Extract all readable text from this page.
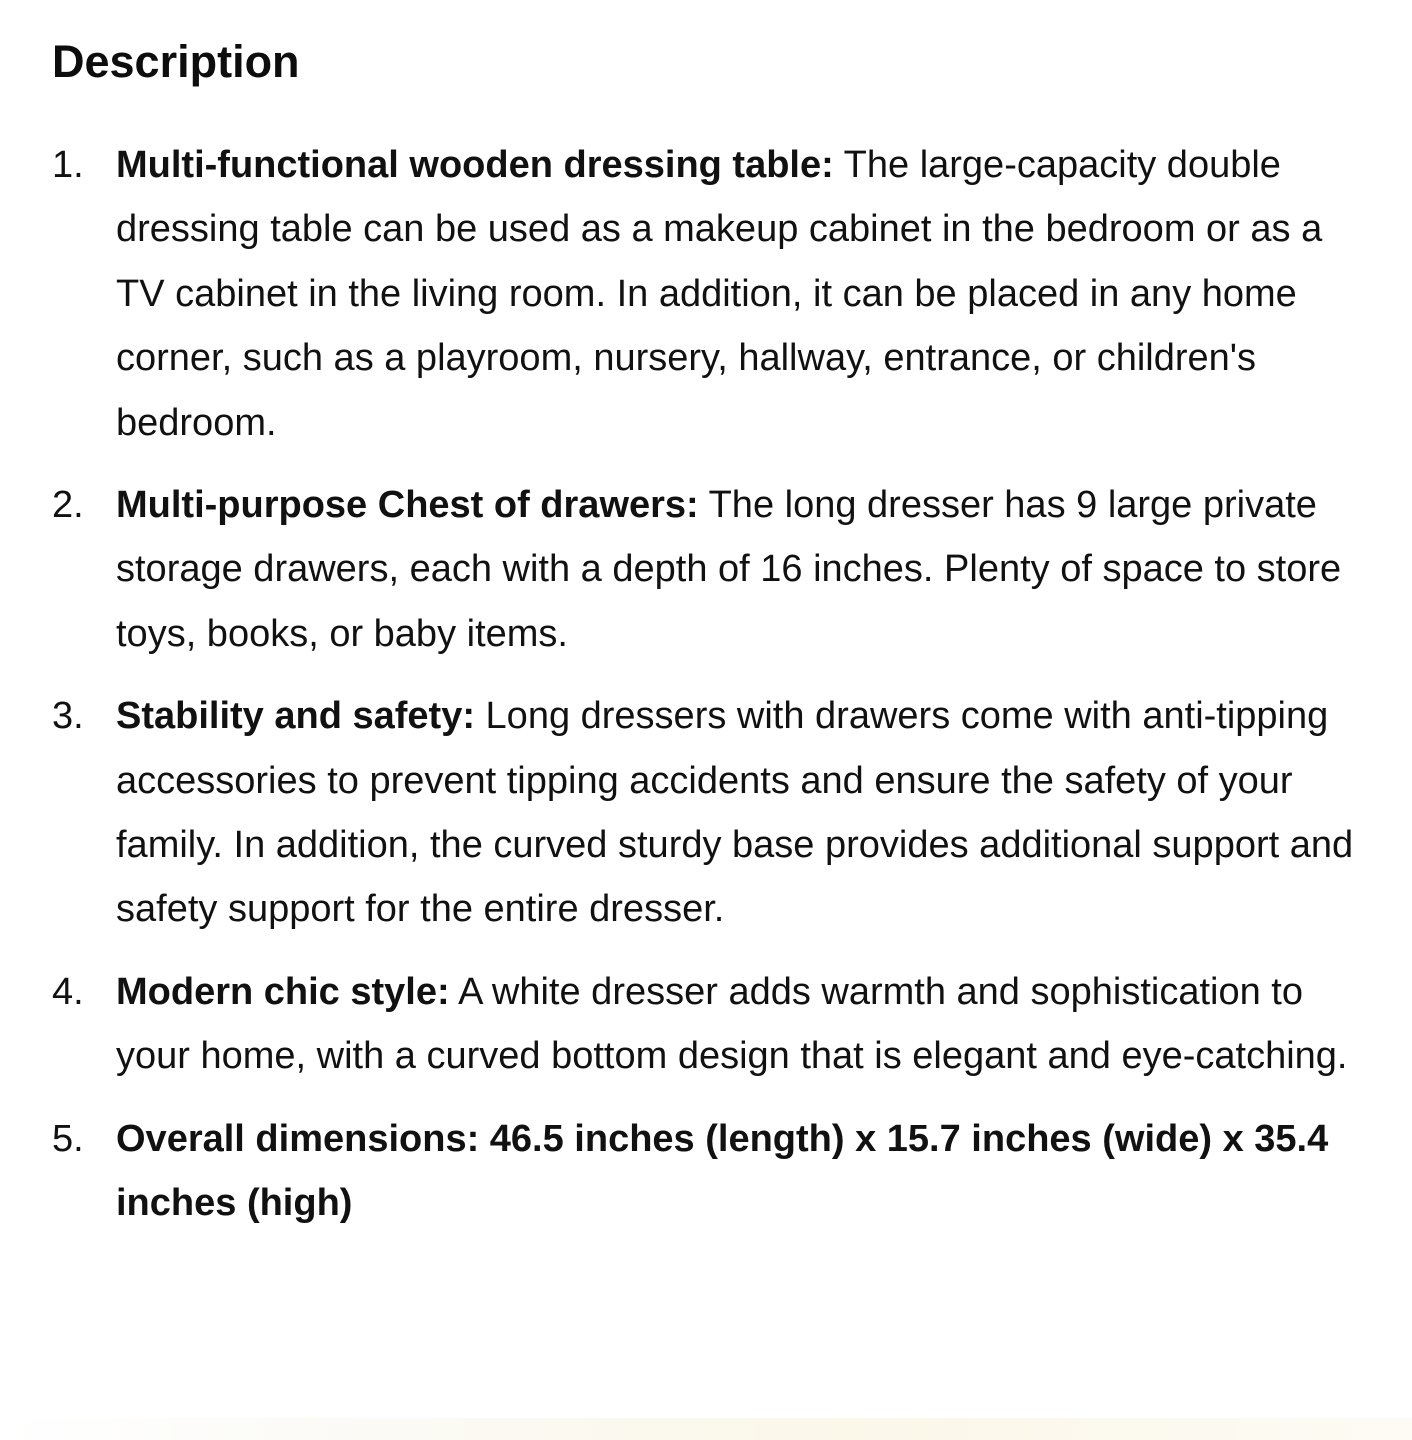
Description
1. Multi-functional wooden dressing table: The large-capacity double dressing table can be used as a makeup cabinet in the bedroom or as a TV cabinet in the living room. In addition, it can be placed in any home corner, such as a playroom, nursery, hallway, entrance, or children's bedroom.
2. Multi-purpose Chest of drawers: The long dresser has 9 large private storage drawers, each with a depth of 16 inches. Plenty of space to store toys, books, or baby items.
3. Stability and safety: Long dressers with drawers come with anti-tipping accessories to prevent tipping accidents and ensure the safety of your family. In addition, the curved sturdy base provides additional support and safety support for the entire dresser.
4. Modern chic style: A white dresser adds warmth and sophistication to your home, with a curved bottom design that is elegant and eye-catching.
5. Overall dimensions: 46.5 inches (length) x 15.7 inches (wide) x 35.4 inches (high)
